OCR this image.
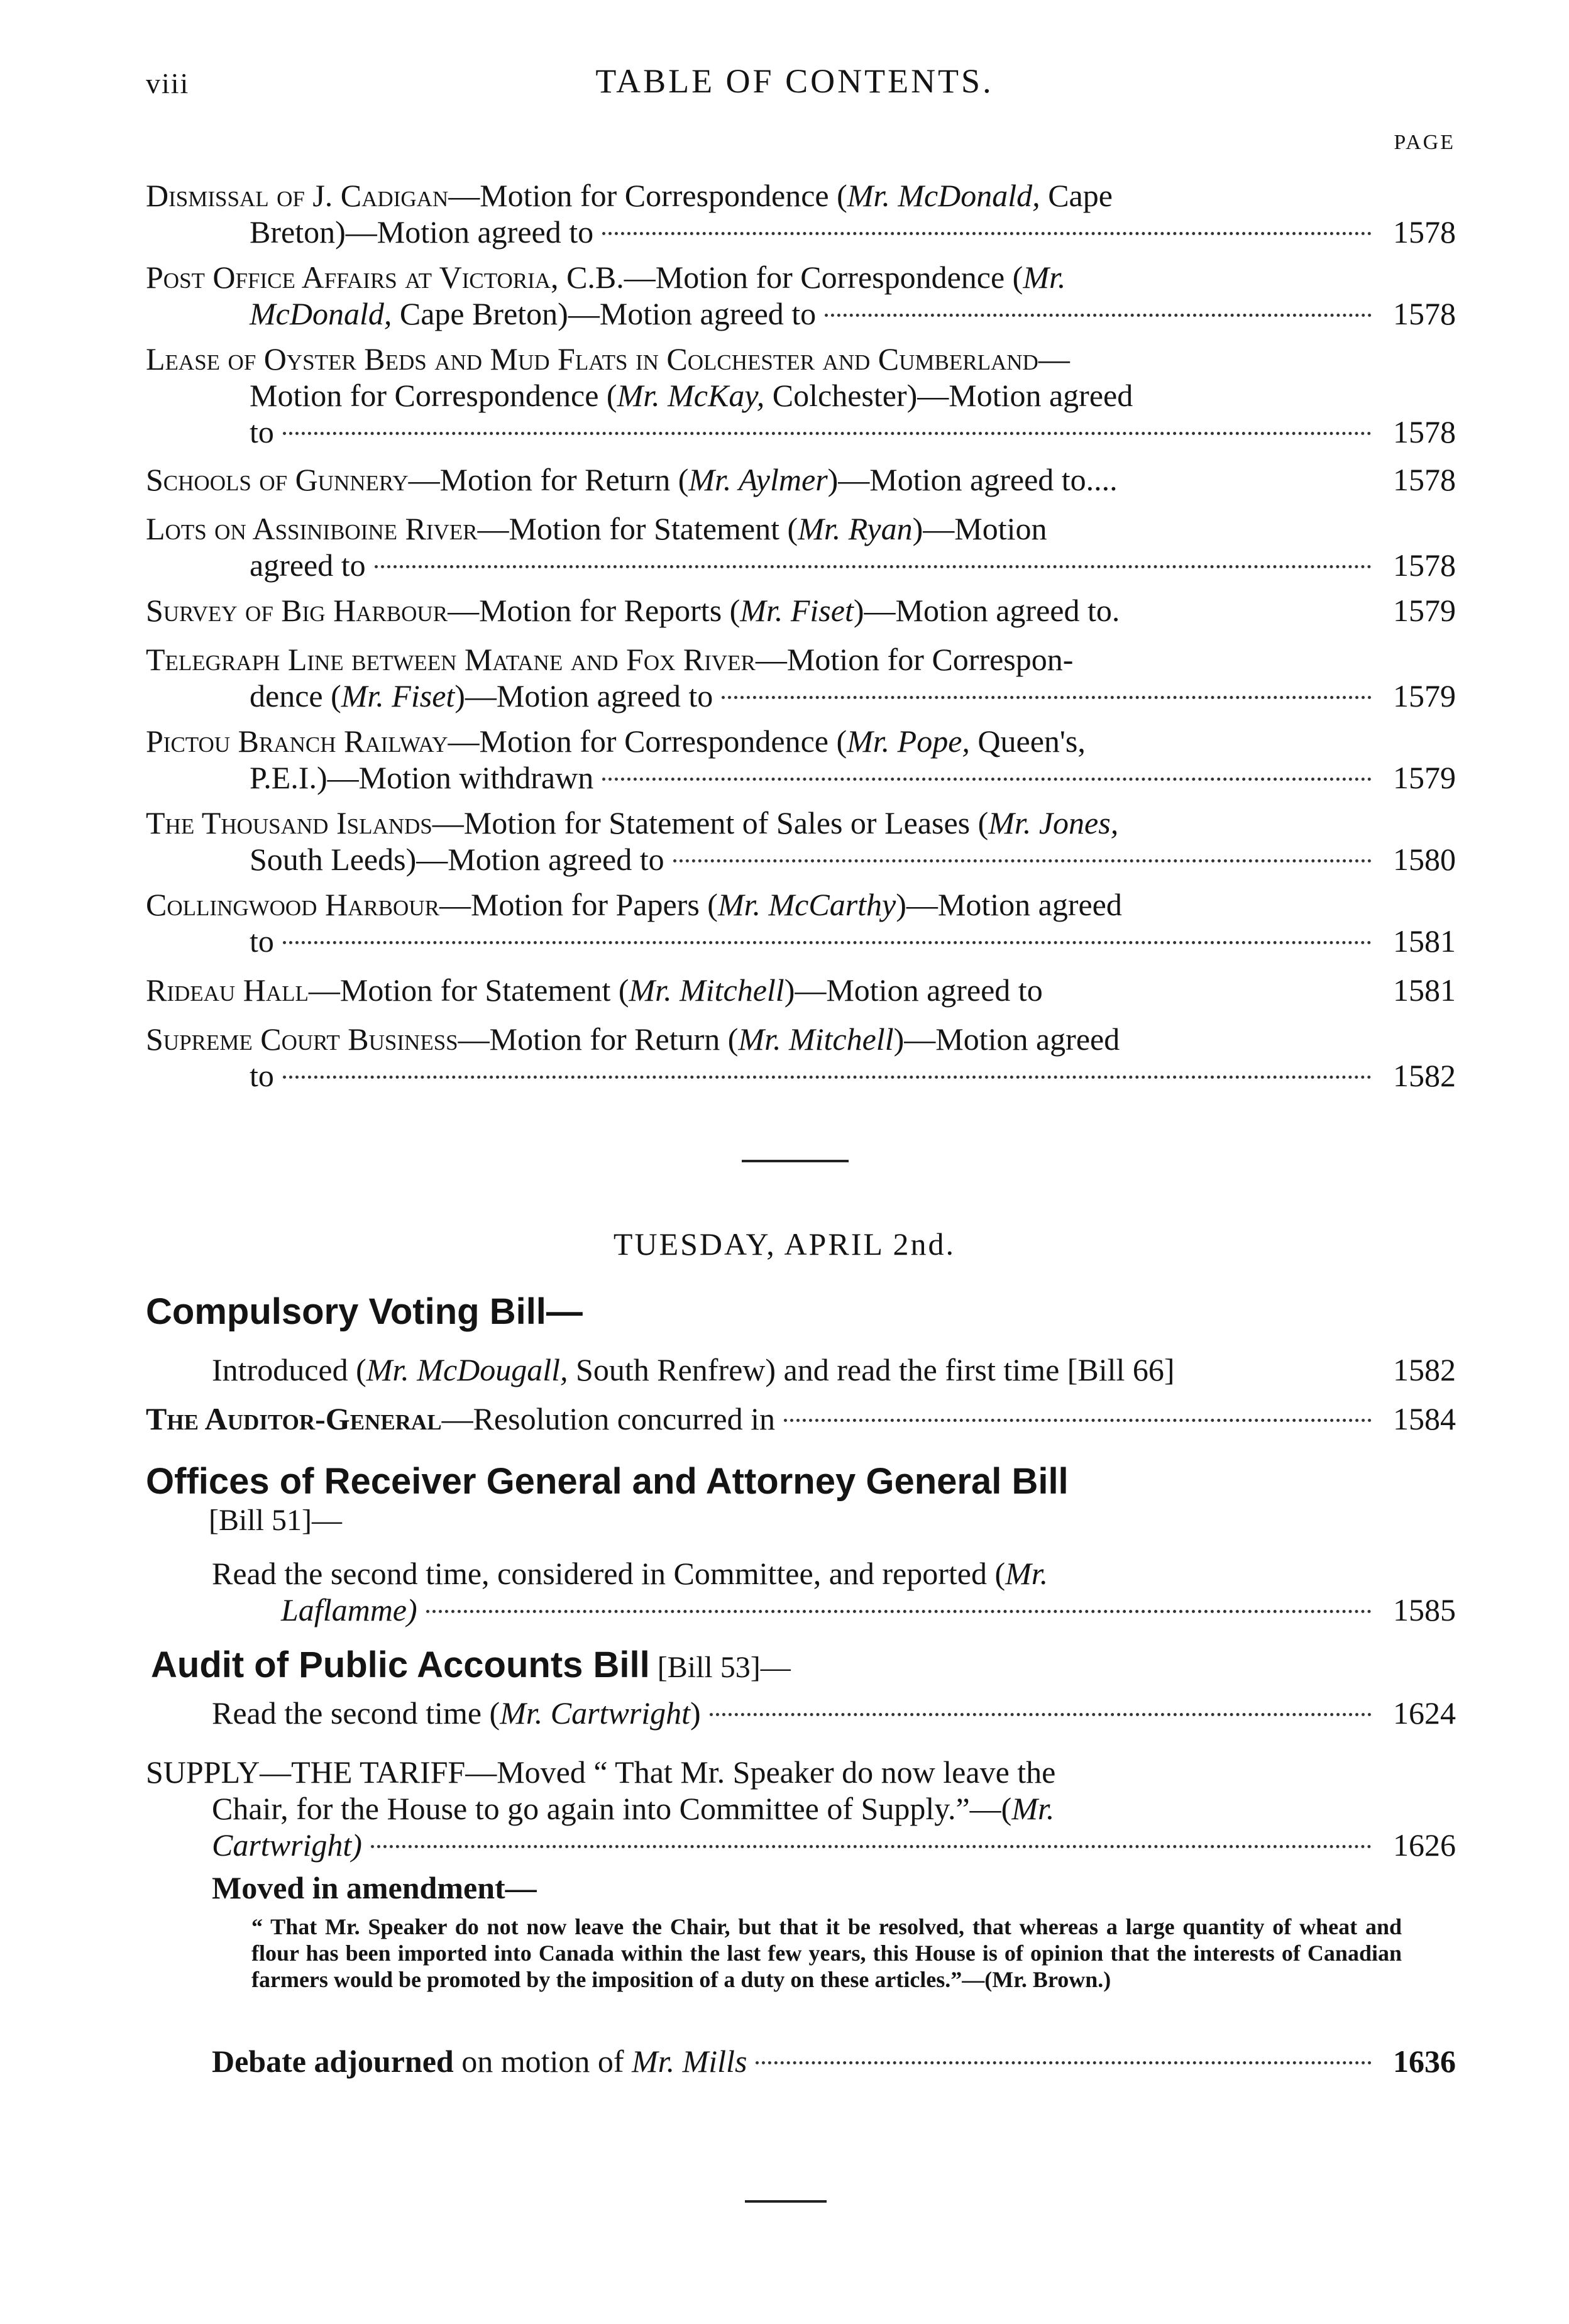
viii	TABLE OF CONTENTS.
PAGE
Dismissal of J. Cadigan—Motion for Correspondence (Mr. McDonald, Cape
Breton)—Motion agreed to	1578
Post Office Affairs at Victoria, C.B.—Motion for Correspondence (Mr.
McDonald, Cape Breton)—Motion agreed to	1578
Lease of Oyster Beds and Mud Flats in Colchester and Cumberland—
Motion for Correspondence (Mr. McKay, Colchester)—Motion agreed
to	1578
Schools of Gunnery—Motion for Return (Mr. Aylmer)—Motion agreed to....	1578
Lots on Assiniboine River—Motion for Statement (Mr. Ryan)—Motion
agreed to	1578
Survey of Big Harbour—Motion for Reports (Mr. Fiset)—Motion agreed to.	1579
Telegraph Line between Matane and Fox River—Motion for Correspon-
dence (Mr. Fiset)—Motion agreed to	1579
Pictou Branch Railway—Motion for Correspondence (Mr. Pope, Queen's,
P.E.I.)—Motion withdrawn	1579
The Thousand Islands—Motion for Statement of Sales or Leases (Mr. Jones,
South Leeds)—Motion agreed to	1580
Collingwood Harbour—Motion for Papers (Mr. McCarthy)—Motion agreed
to	1581
Rideau Hall—Motion for Statement (Mr. Mitchell)—Motion agreed to	1581
Supreme Court Business—Motion for Return (Mr. Mitchell)—Motion agreed
to	1582
TUESDAY, APRIL 2nd.
Compulsory Voting Bill—
Introduced (Mr. McDougall, South Renfrew) and read the first time [Bill 66]	1582
The Auditor-General—Resolution concurred in	1584
Offices of Receiver General and Attorney General Bill
[Bill 51]—
Read the second time, considered in Committee, and reported (Mr.
Laflamme)	1585
Audit of Public Accounts Bill [Bill 53]—
Read the second time (Mr. Cartwright)	1624
SUPPLY—THE TARIFF—Moved “ That Mr. Speaker do now leave the
Chair, for the House to go again into Committee of Supply.”—(Mr.
Cartwright)	1626
Moved in amendment—
“ That Mr. Speaker do not now leave the Chair, but that it be resolved, that whereas a large quantity of wheat and flour has been imported into Canada within the last few years, this House is of opinion that the interests of Canadian farmers would be promoted by the imposition of a duty on these articles.”—(Mr. Brown.)
Debate adjourned on motion of Mr. Mills	1636
